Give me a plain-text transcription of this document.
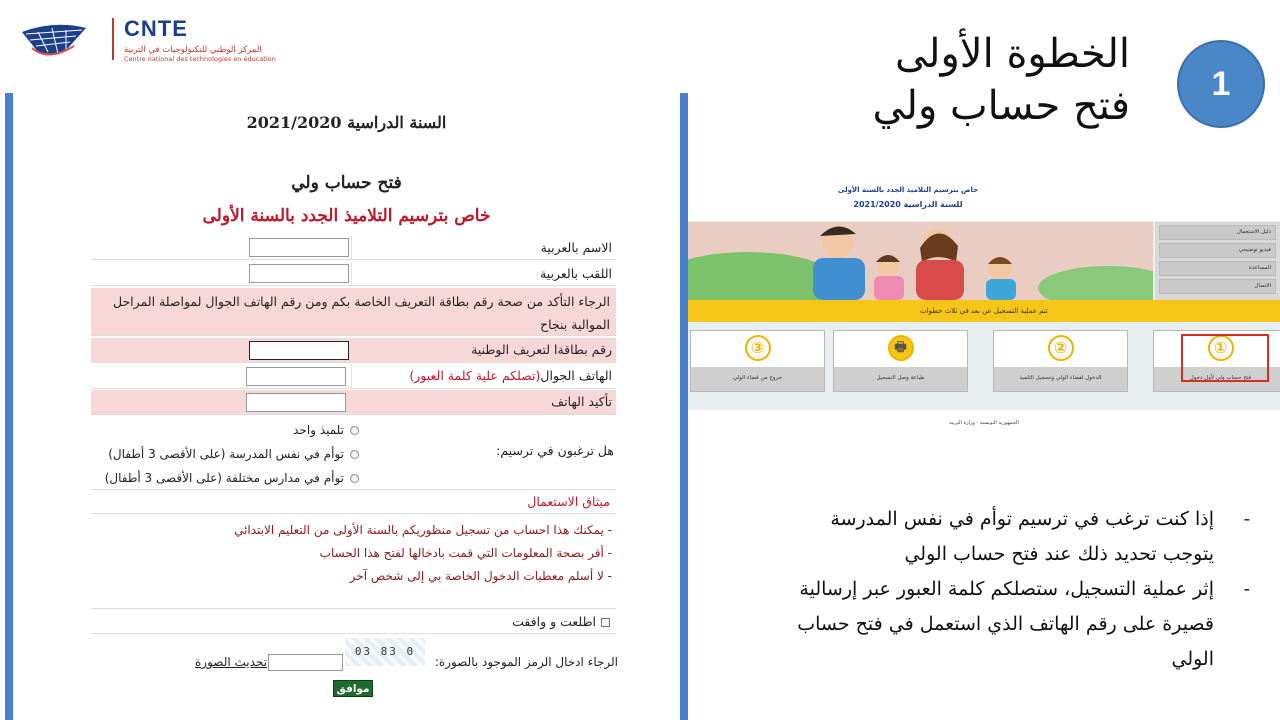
CNTE
المركز الوطني للتكنولوجيات في التربية
Centre national des technologies en éducation
السنة الدراسية 2021/2020
فتح حساب ولي
خاص بترسيم التلاميذ الجدد بالسنة الأولى
الاسم بالعربية
اللقب بالعربية
الرجاء التأكد من صحة رقم بطاقة التعريف الخاصة بكم ومن رقم الهاتف الجوال لمواصلة المراحل الموالية بنجاح
رقم بطاقةا لتعريف الوطنية
الهاتف الجوال(تصلكم علية كلمة العبور)
تأكيد الهاتف
هل ترغبون في ترسيم:
تلميذ واحد
توأم في نفس المدرسة (على الأقصى 3 أطفال)
توأم في مدارس مختلفة (على الأقصى 3 أطفال)
ميثاق الاستعمال
- يمكنك هذا احساب من تسجيل منظوريكم بالسنة الأولى من التعليم الابتدائي
- أقر بصحة المعلومات التي قمت بادخالها لفتح هذا الحساب
- لا أسلم معطيات الدخول الخاصة بي إلى شخص آخر
اطلعت و وافقت
الرجاء ادخال الرمز الموجود بالصورة:
03 83 0
تحديث الصورة
موافق
الخطوة الأولى
فتح حساب ولي	1
خاص بترسيم التلاميذ الجدد بالسنة الأولى
للسنة الدراسية 2021/2020
دليل الاستعمال
فيديو توضيحي
المساعدة
الاتصال
تتم عملية التسجيل عن بعد في ثلاث خطوات
③
خروج من فضاء الولي
🖶
طباعة وصل التسجيل
②
الدخول لفضاء الولي وتسجيل التلميذ
①
فتح حساب ولي لأول دخول
الجمهورية التونسية - وزارة التربية
-
إذا كنت ترغب في ترسيم توأم في نفس المدرسة يتوجب تحديد ذلك عند فتح حساب الولي
-
إثر عملية التسجيل، ستصلكم كلمة العبور عبر إرسالية قصيرة على رقم الهاتف الذي استعمل في فتح حساب الولي
